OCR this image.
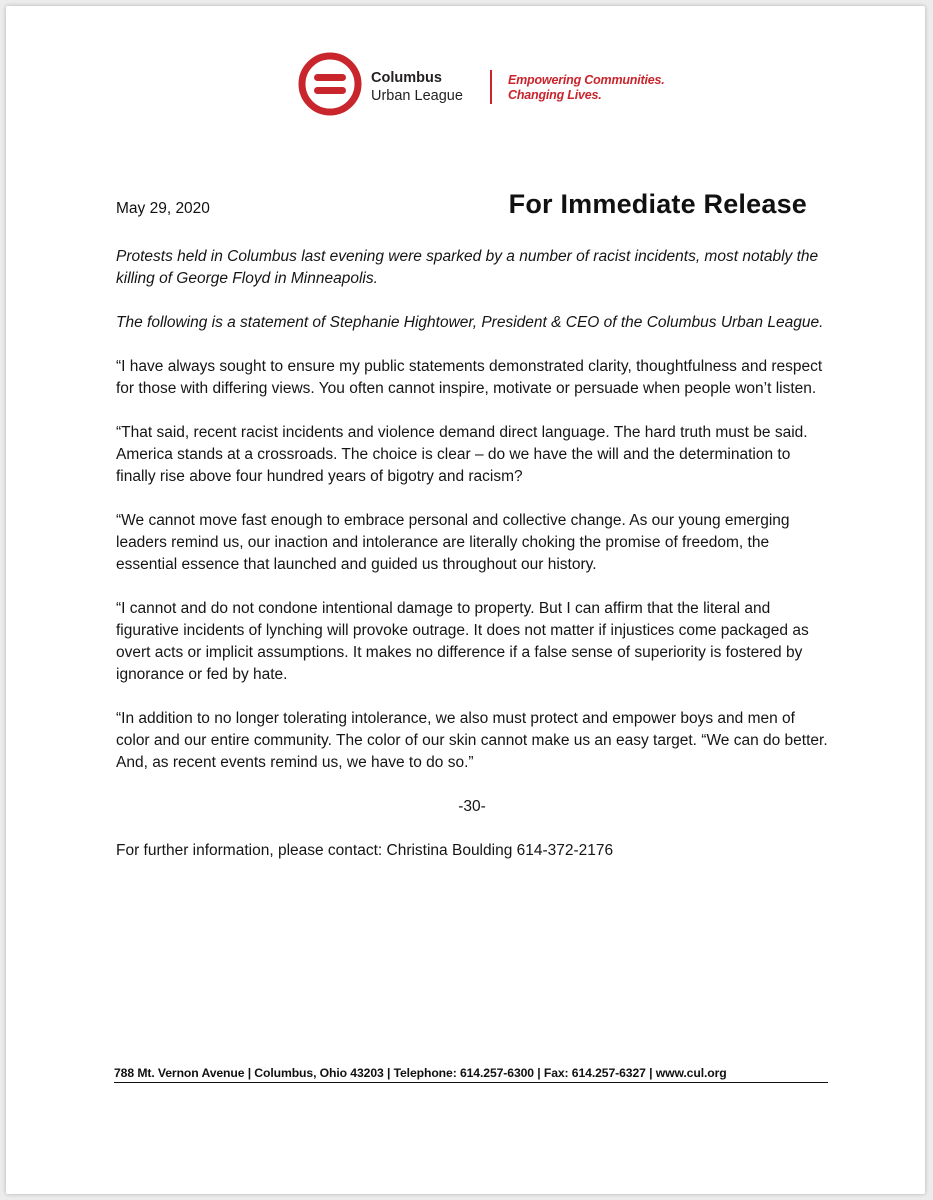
Columbus
Urban League
Empowering Communities.
Changing Lives.
May 29, 2020	For Immediate Release

Protests held in Columbus last evening were sparked by a number of racist incidents, most notably the killing of George Floyd in Minneapolis.

The following is a statement of Stephanie Hightower, President & CEO of the Columbus Urban League.

“I have always sought to ensure my public statements demonstrated clarity, thoughtfulness and respect for those with differing views. You often cannot inspire, motivate or persuade when people won’t listen.

“That said, recent racist incidents and violence demand direct language. The hard truth must be said. America stands at a crossroads. The choice is clear – do we have the will and the determination to finally rise above four hundred years of bigotry and racism?

“We cannot move fast enough to embrace personal and collective change. As our young emerging leaders remind us, our inaction and intolerance are literally choking the promise of freedom, the essential essence that launched and guided us throughout our history.

“I cannot and do not condone intentional damage to property. But I can affirm that the literal and figurative incidents of lynching will provoke outrage. It does not matter if injustices come packaged as overt acts or implicit assumptions. It makes no difference if a false sense of superiority is fostered by ignorance or fed by hate.

“In addition to no longer tolerating intolerance, we also must protect and empower boys and men of color and our entire community. The color of our skin cannot make us an easy target. “We can do better. And, as recent events remind us, we have to do so.”

-30-

For further information, please contact: Christina Boulding 614-372-2176

788 Mt. Vernon Avenue | Columbus, Ohio 43203 | Telephone: 614.257-6300 | Fax: 614.257-6327 | www.cul.org
